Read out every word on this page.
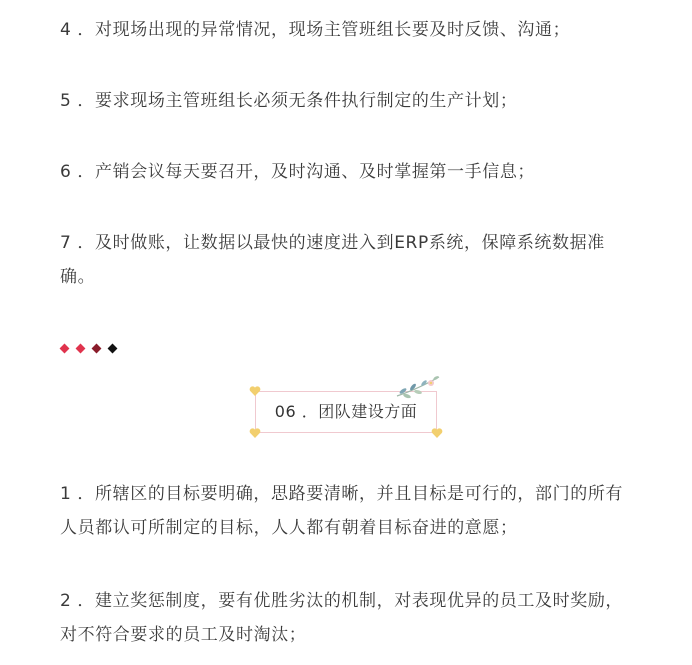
4 ．对现场出现的异常情况，现场主管班组长要及时反馈、沟通；

5 ．要求现场主管班组长必须无条件执行制定的生产计划；

6 ．产销会议每天要召开，及时沟通、及时掌握第一手信息；

7 ．及时做账，让数据以最快的速度进入到ERP系统，保障系统数据准确。

06 ．团队建设方面

1 ．所辖区的目标要明确，思路要清晰，并且目标是可行的，部门的所有人员都认可所制定的目标，人人都有朝着目标奋进的意愿；

2 ．建立奖惩制度，要有优胜劣汰的机制，对表现优异的员工及时奖励，对不符合要求的员工及时淘汰；
